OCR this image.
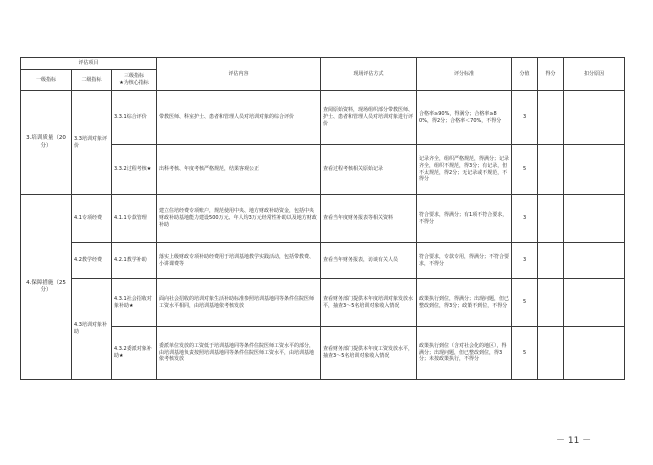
评估项目			评估内容	现场评估方式	评分标准	分值	得分	扣分原因
一级指标	二级指标	三级指标
★为核心指标						

3.培训质量（20分）	3.3培训对象评价	3.3.1综合评价	带教医师、科室护士、患者和管理人员对培训对象的综合评价	查阅原始资料，现场组织部分带教医师、护士、患者和管理人员对培训对象进行评价	合格率≥90%，得满分；合格率≥80%，得2分；合格率＜70%，不得分	3		
		3.3.2过程考核★	出科考核、年度考核严格规范，结果客观公正	查看过程考核相关原始记录	记录齐全，组织严格规范，得满分；记录齐全，组织不规范，得3分；有记录，但不太规范，得2分；无记录或不规范，不得分	5		
4.保障措施（25分）	4.1专项经费	4.1.1专款管理	建立住培经费专项账户，规范使用中央、地方财政补助资金，包括中央财政补助基地能力建设500万元、年人均3万元经常性补助以及地方财政补助	查看当年度财务报表等相关资料	符合要求，得满分；有1项不符合要求，不得分	3		
	4.2教学经费	4.2.1教学补助	落实上级财政专项补助经费用于培训基地教学实践活动，包括带教费、小讲课费等	查看当年财务报表，访谈有关人员	符合要求，专款专用，得满分；不符合要求，不得分	3		
	4.3培训对象补助	4.3.1社会招收对象补助★	面向社会招收的培训对象生活补助标准参照培训基地同等条件住院医师工资水平相同，由培训基地依考核发放	查看财务部门提供本年度培训对象发放水平，抽查3～5名培训对象收入情况	政策执行到位，得满分；出现问题，但已整改到位，得3分；政策不到位，不得分	5		
		4.3.2委派对象补助★	委派单位发放的工资低于培训基地同等条件住院医师工资水平的部分，由培训基地负责按照培训基地同等条件住院医师工资水平，由培训基地依考核发放	查看财务部门提供本年度工资发放水平，抽查3～5名培训对象收入情况	政策执行到位（含对社会化的地区），得满分；出现问题，但已整改到位，得3分；未按政策执行，不得分	5		
－ 11 －
